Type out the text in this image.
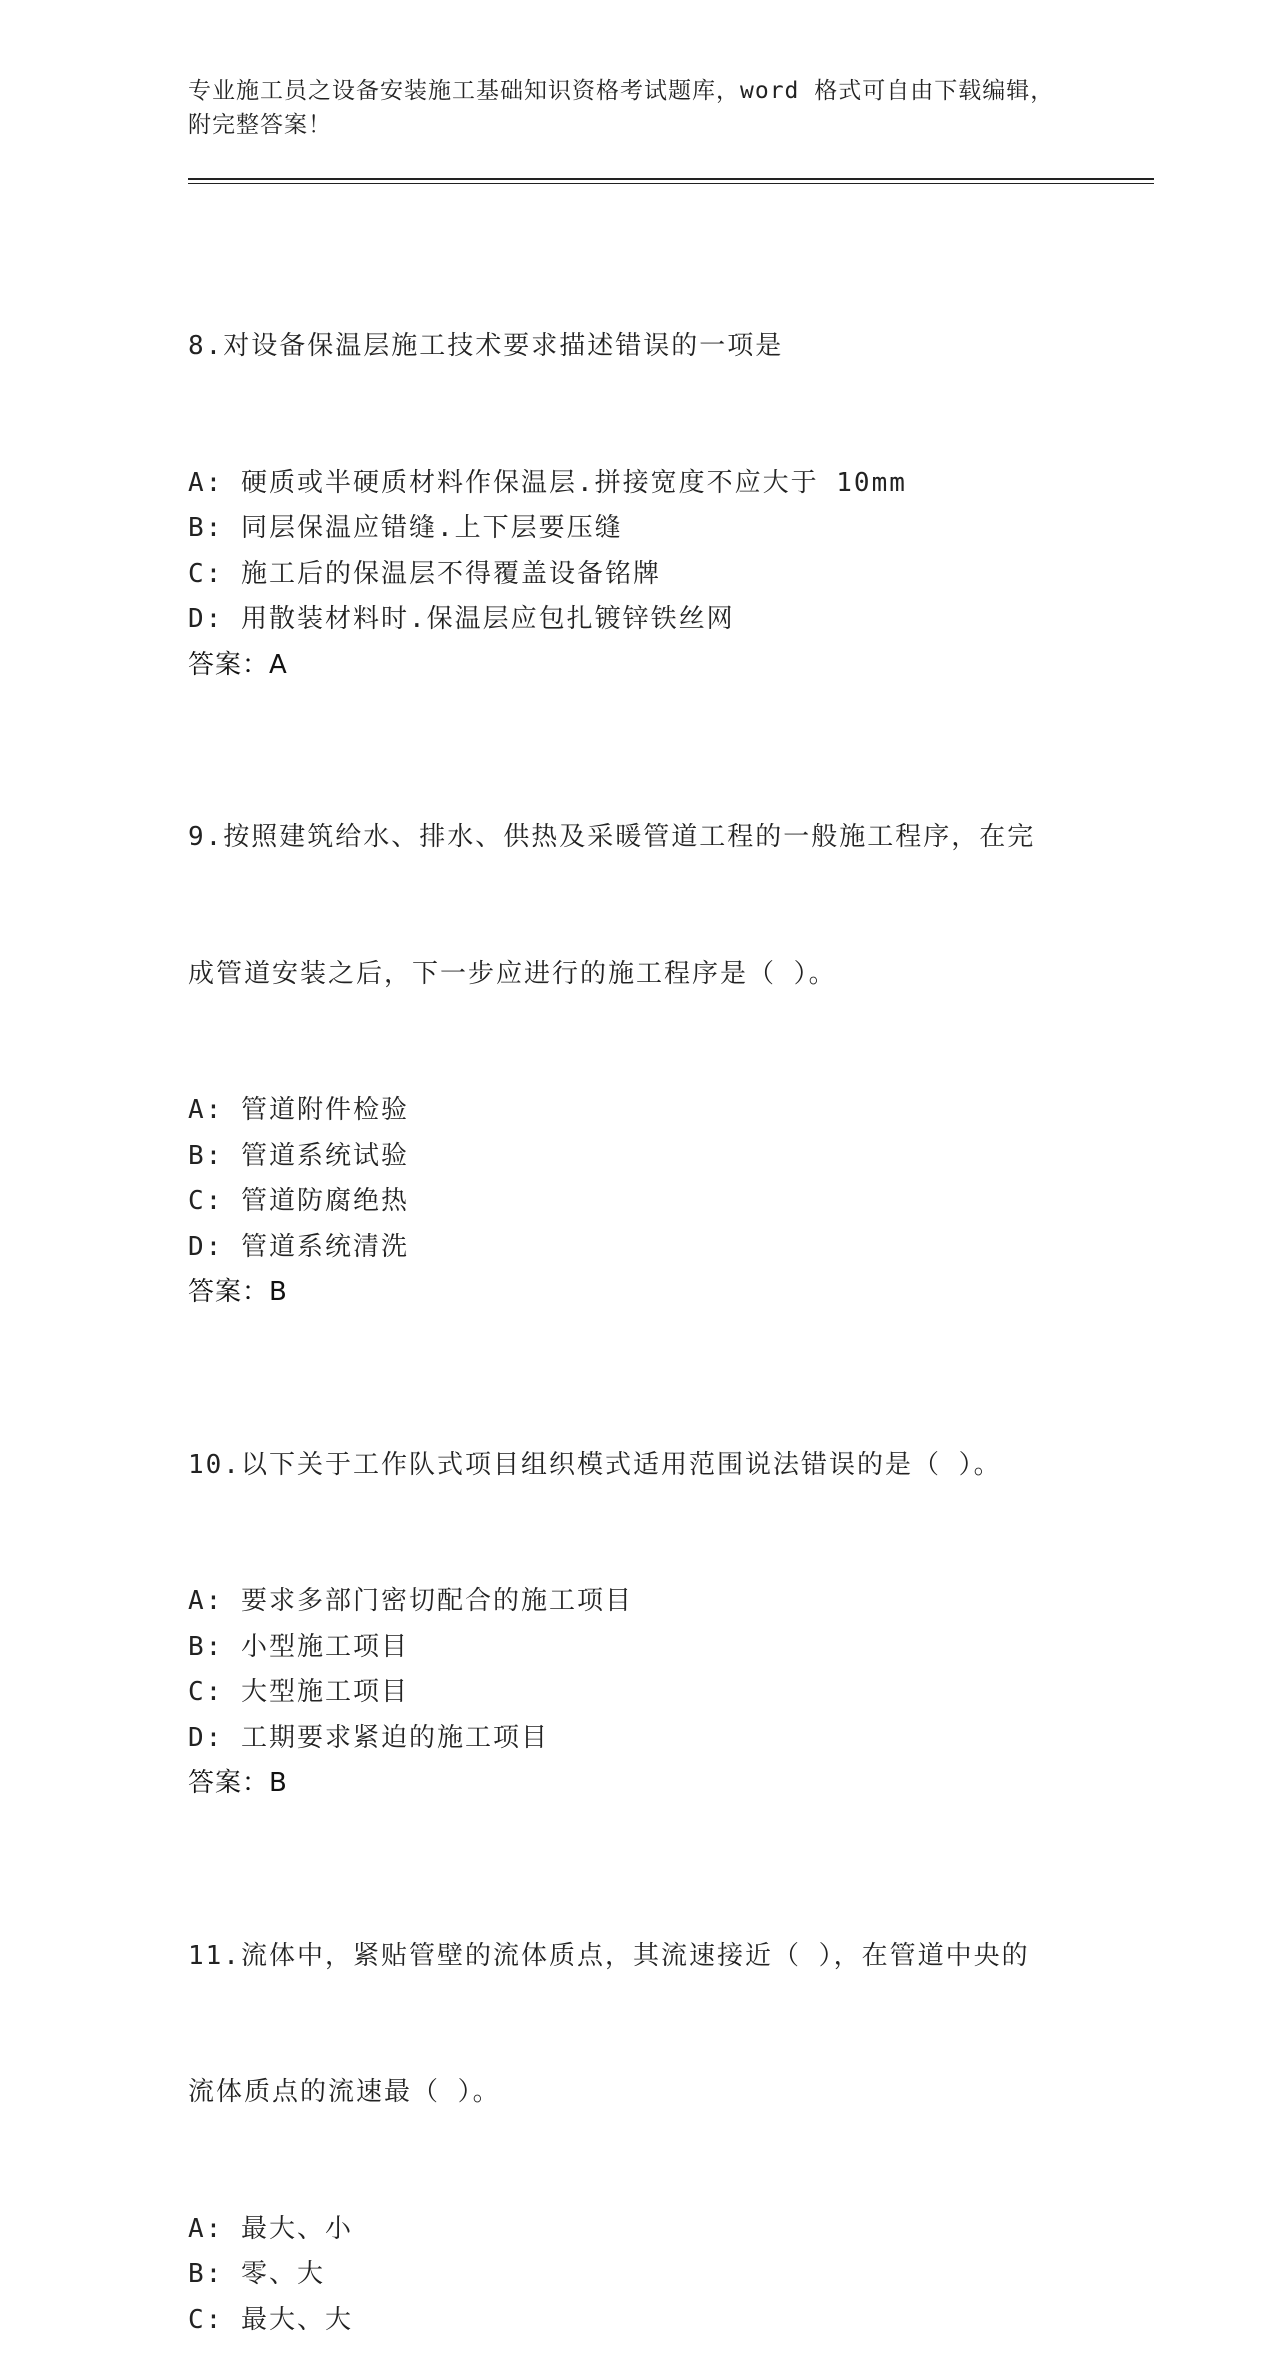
专业施工员之设备安装施工基础知识资格考试题库，word 格式可自由下载编辑，
附完整答案！

8.对设备保温层施工技术要求描述错误的一项是

A: 硬质或半硬质材料作保温层.拼接宽度不应大于 10mm
B: 同层保温应错缝.上下层要压缝
C: 施工后的保温层不得覆盖设备铭牌
D: 用散装材料时.保温层应包扎镀锌铁丝网
答案：A

9.按照建筑给水、排水、供热及采暖管道工程的一般施工程序，在完

成管道安装之后，下一步应进行的施工程序是（ ）。

A: 管道附件检验
B: 管道系统试验
C: 管道防腐绝热
D: 管道系统清洗
答案：B

10.以下关于工作队式项目组织模式适用范围说法错误的是（ ）。

A: 要求多部门密切配合的施工项目
B: 小型施工项目
C: 大型施工项目
D: 工期要求紧迫的施工项目
答案：B

11.流体中，紧贴管壁的流体质点，其流速接近（ ），在管道中央的

流体质点的流速最（ ）。

A: 最大、小
B: 零、大
C: 最大、大
